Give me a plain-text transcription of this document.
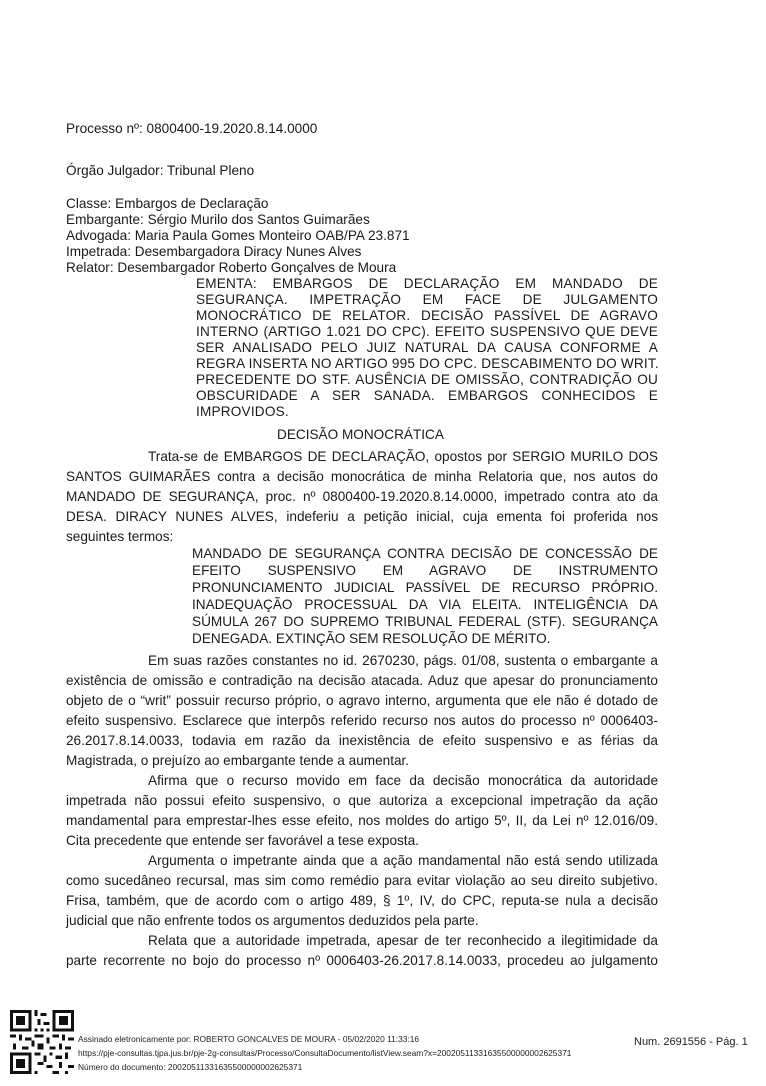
Processo nº: 0800400-19.2020.8.14.0000
Órgão Julgador: Tribunal Pleno
Classe: Embargos de Declaração
Embargante: Sérgio Murilo dos Santos Guimarães
Advogada: Maria Paula Gomes Monteiro OAB/PA 23.871
Impetrada: Desembargadora Diracy Nunes Alves
Relator: Desembargador Roberto Gonçalves de Moura
EMENTA: EMBARGOS DE DECLARAÇÃO EM MANDADO DE
SEGURANÇA. IMPETRAÇÃO EM FACE DE JULGAMENTO
MONOCRÁTICO DE RELATOR. DECISÃO PASSÍVEL DE AGRAVO
INTERNO (ARTIGO 1.021 DO CPC). EFEITO SUSPENSIVO QUE DEVE
SER ANALISADO PELO JUIZ NATURAL DA CAUSA CONFORME A
REGRA INSERTA NO ARTIGO 995 DO CPC. DESCABIMENTO DO WRIT.
PRECEDENTE DO STF. AUSÊNCIA DE OMISSÃO, CONTRADIÇÃO OU
OBSCURIDADE A SER SANADA. EMBARGOS CONHECIDOS E
IMPROVIDOS.
DECISÃO MONOCRÁTICA
Trata-se de EMBARGOS DE DECLARAÇÃO, opostos por SERGIO MURILO DOS
SANTOS GUIMARÃES contra a decisão monocrática de minha Relatoria que, nos autos do
MANDADO DE SEGURANÇA, proc. nº 0800400-19.2020.8.14.0000, impetrado contra ato da
DESA. DIRACY NUNES ALVES, indeferiu a petição inicial, cuja ementa foi proferida nos
seguintes termos:
MANDADO DE SEGURANÇA CONTRA DECISÃO DE CONCESSÃO DE
EFEITO SUSPENSIVO EM AGRAVO DE INSTRUMENTO
PRONUNCIAMENTO JUDICIAL PASSÍVEL DE RECURSO PRÓPRIO.
INADEQUAÇÃO PROCESSUAL DA VIA ELEITA. INTELIGÊNCIA DA
SÚMULA 267 DO SUPREMO TRIBUNAL FEDERAL (STF). SEGURANÇA
DENEGADA. EXTINÇÃO SEM RESOLUÇÃO DE MÉRITO.
Em suas razões constantes no id. 2670230, págs. 01/08, sustenta o embargante a
existência de omissão e contradição na decisão atacada. Aduz que apesar do pronunciamento
objeto de o “writ” possuir recurso próprio, o agravo interno, argumenta que ele não é dotado de
efeito suspensivo. Esclarece que interpôs referido recurso nos autos do processo nº 0006403-
26.2017.8.14.0033, todavia em razão da inexistência de efeito suspensivo e as férias da
Magistrada, o prejuízo ao embargante tende a aumentar.
Afirma que o recurso movido em face da decisão monocrática da autoridade
impetrada não possui efeito suspensivo, o que autoriza a excepcional impetração da ação
mandamental para emprestar-lhes esse efeito, nos moldes do artigo 5º, II, da Lei nº 12.016/09.
Cita precedente que entende ser favorável a tese exposta.
Argumenta o impetrante ainda que a ação mandamental não está sendo utilizada
como sucedâneo recursal, mas sim como remédio para evitar violação ao seu direito subjetivo.
Frisa, também, que de acordo com o artigo 489, § 1º, IV, do CPC, reputa-se nula a decisão
judicial que não enfrente todos os argumentos deduzidos pela parte.
Relata que a autoridade impetrada, apesar de ter reconhecido a ilegitimidade da
parte recorrente no bojo do processo nº 0006403-26.2017.8.14.0033, procedeu ao julgamento
Assinado eletronicamente por: ROBERTO GONCALVES DE MOURA - 05/02/2020 11:33:16
https://pje-consultas.tjpa.jus.br/pje-2g-consultas/Processo/ConsultaDocumento/listView.seam?x=20020511331635500000002625371
Número do documento: 20020511331635500000002625371
Num. 2691556 - Pág. 1
